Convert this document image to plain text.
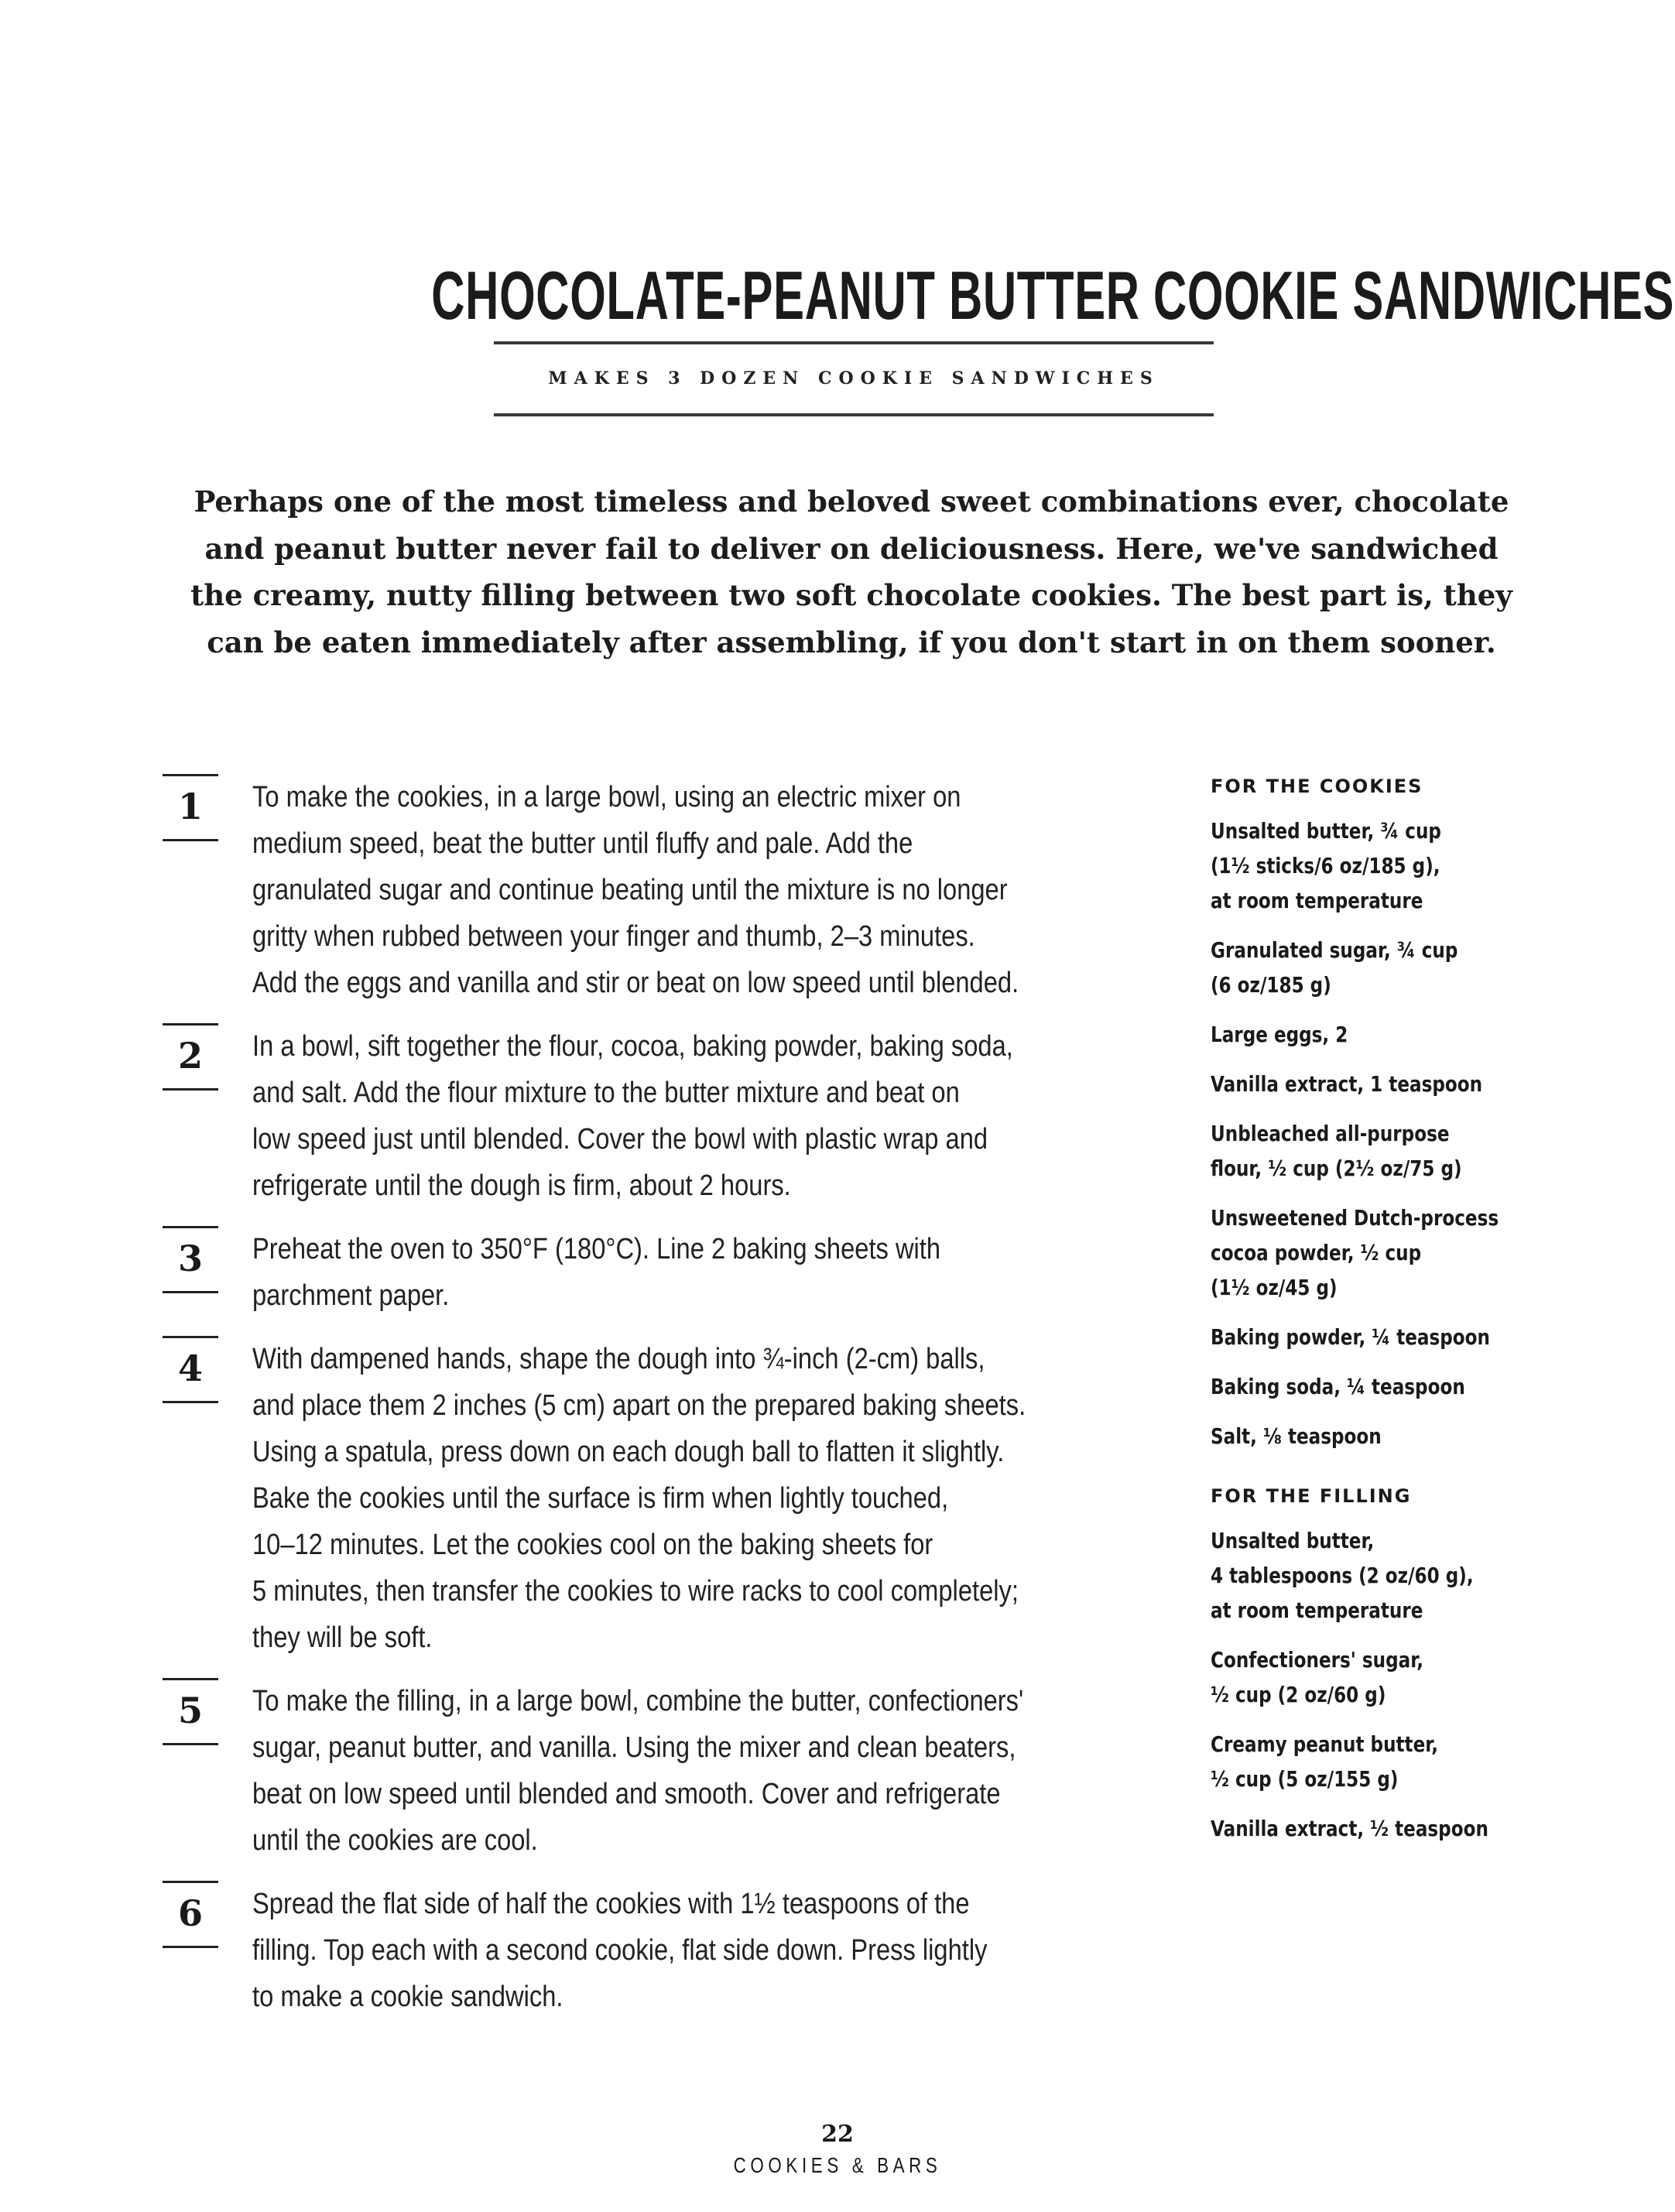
CHOCOLATE-PEANUT BUTTER COOKIE SANDWICHES
MAKES 3 DOZEN COOKIE SANDWICHES

Perhaps one of the most timeless and beloved sweet combinations ever, chocolate
and peanut butter never fail to deliver on deliciousness. Here, we've sandwiched
the creamy, nutty filling between two soft chocolate cookies. The best part is, they
can be eaten immediately after assembling, if you don't start in on them sooner.

1	To make the cookies, in a large bowl, using an electric mixer on
medium speed, beat the butter until fluffy and pale. Add the
granulated sugar and continue beating until the mixture is no longer
gritty when rubbed between your finger and thumb, 2–3 minutes.
Add the eggs and vanilla and stir or beat on low speed until blended.
2	In a bowl, sift together the flour, cocoa, baking powder, baking soda,
and salt. Add the flour mixture to the butter mixture and beat on
low speed just until blended. Cover the bowl with plastic wrap and
refrigerate until the dough is firm, about 2 hours.
3	Preheat the oven to 350°F (180°C). Line 2 baking sheets with
parchment paper.
4	With dampened hands, shape the dough into ¾-inch (2-cm) balls,
and place them 2 inches (5 cm) apart on the prepared baking sheets.
Using a spatula, press down on each dough ball to flatten it slightly.
Bake the cookies until the surface is firm when lightly touched,
10–12 minutes. Let the cookies cool on the baking sheets for
5 minutes, then transfer the cookies to wire racks to cool completely;
they will be soft.
5	To make the filling, in a large bowl, combine the butter, confectioners'
sugar, peanut butter, and vanilla. Using the mixer and clean beaters,
beat on low speed until blended and smooth. Cover and refrigerate
until the cookies are cool.
6	Spread the flat side of half the cookies with 1½ teaspoons of the
filling. Top each with a second cookie, flat side down. Press lightly
to make a cookie sandwich.
FOR THE COOKIES
Unsalted butter, ¾ cup
(1½ sticks/6 oz/185 g),
at room temperature
Granulated sugar, ¾ cup
(6 oz/185 g)
Large eggs, 2
Vanilla extract, 1 teaspoon
Unbleached all-purpose
flour, ½ cup (2½ oz/75 g)
Unsweetened Dutch-process
cocoa powder, ½ cup
(1½ oz/45 g)
Baking powder, ¼ teaspoon
Baking soda, ¼ teaspoon
Salt, ⅛ teaspoon
FOR THE FILLING
Unsalted butter,
4 tablespoons (2 oz/60 g),
at room temperature
Confectioners' sugar,
½ cup (2 oz/60 g)
Creamy peanut butter,
½ cup (5 oz/155 g)
Vanilla extract, ½ teaspoon
22
COOKIES & BARS
